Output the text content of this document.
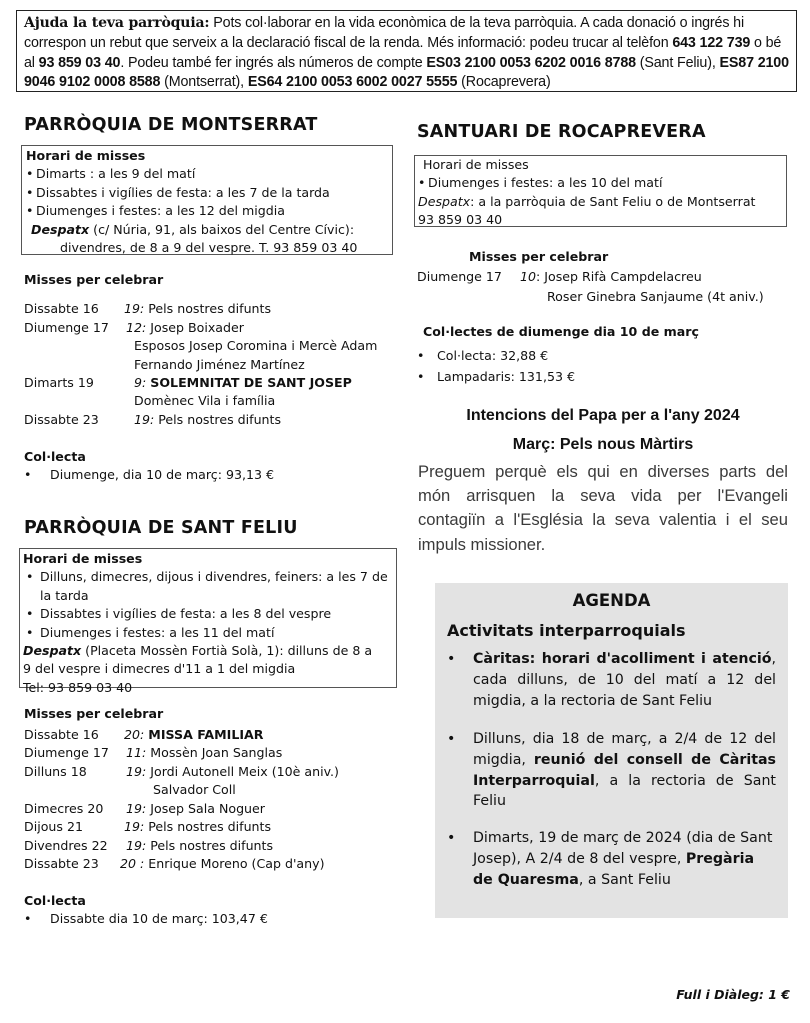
Ajuda la teva parròquia: Pots col·laborar en la vida econòmica de la teva parròquia. A cada donació o ingrés hi correspon un rebut que serveix a la declaració fiscal de la renda. Més informació: podeu trucar al telèfon 643 122 739 o bé al 93 859 03 40. Podeu també fer ingrés als números de compte ES03 2100 0053 6202 0016 8788 (Sant Feliu), ES87 2100 9046 9102 0008 8588 (Montserrat), ES64 2100 0053 6002 0027 5555 (Rocaprevera)
PARRÒQUIA DE MONTSERRAT
Horari de misses
• Dimarts : a les 9 del matí
• Dissabtes i vigílies de festa: a les 7 de la tarda
• Diumenges i festes: a les 12 del migdia
Despatx (c/ Núria, 91, als baixos del Centre Cívic):
divendres, de 8 a 9 del vespre. T. 93 859 03 40
Misses per celebrar
Dissabte 16 19: Pels nostres difunts
Diumenge 17 12: Josep Boixader
Esposos Josep Coromina i Mercè Adam
Fernando Jiménez Martínez
Dimarts 19	9: SOLEMNITAT DE SANT JOSEP
Domènec Vila i família
Dissabte 23	19: Pels nostres difunts
Col·lecta
• Diumenge, dia 10 de març: 93,13 €
PARRÒQUIA DE SANT FELIU
Horari de misses
• Dilluns, dimecres, dijous i divendres, feiners: a les 7 de
la tarda
• Dissabtes i vigílies de festa: a les 8 del vespre
• Diumenges i festes: a les 11 del matí
Despatx (Placeta Mossèn Fortià Solà, 1): dilluns de 8 a
9 del vespre i dimecres d'11 a 1 del migdia
Tel: 93 859 03 40
Misses per celebrar
Dissabte 16 20: MISSA FAMILIAR
Diumenge 17 11: Mossèn Joan Sanglas
Dilluns 18	19: Jordi Autonell Meix (10è aniv.)
Salvador Coll
Dimecres 20 19: Josep Sala Noguer
Dijous 21	19: Pels nostres difunts
Divendres 22 19: Pels nostres difunts
Dissabte 23 20 : Enrique Moreno (Cap d'any)
Col·lecta
• Dissabte dia 10 de març: 103,47 €
SANTUARI DE ROCAPREVERA
Horari de misses
• Diumenges i festes: a les 10 del matí
Despatx: a la parròquia de Sant Feliu o de Montserrat
93 859 03 40
Misses per celebrar
Diumenge 17 10: Josep Rifà Campdelacreu
Roser Ginebra Sanjaume (4t aniv.)
Col·lectes de diumenge dia 10 de març
• Col·lecta: 32,88 €
• Lampadaris: 131,53 €
Intencions del Papa per a l'any 2024
Març: Pels nous Màrtirs
Preguem perquè els qui en diverses parts del món arrisquen la seva vida per l'Evangeli contagiïn a l'Església la seva valentia i el seu impuls missioner.
AGENDA
Activitats interparroquials
• Càritas: horari d'acolliment i atenció, cada dilluns, de 10 del matí a 12 del migdia, a la rectoria de Sant Feliu
• Dilluns, dia 18 de març, a 2/4 de 12 del migdia, reunió del consell de Càritas Interparroquial, a la rectoria de Sant Feliu
• Dimarts, 19 de març de 2024 (dia de Sant Josep), A 2/4 de 8 del vespre, Pregària de Quaresma, a Sant Feliu
Full i Diàleg: 1 €
